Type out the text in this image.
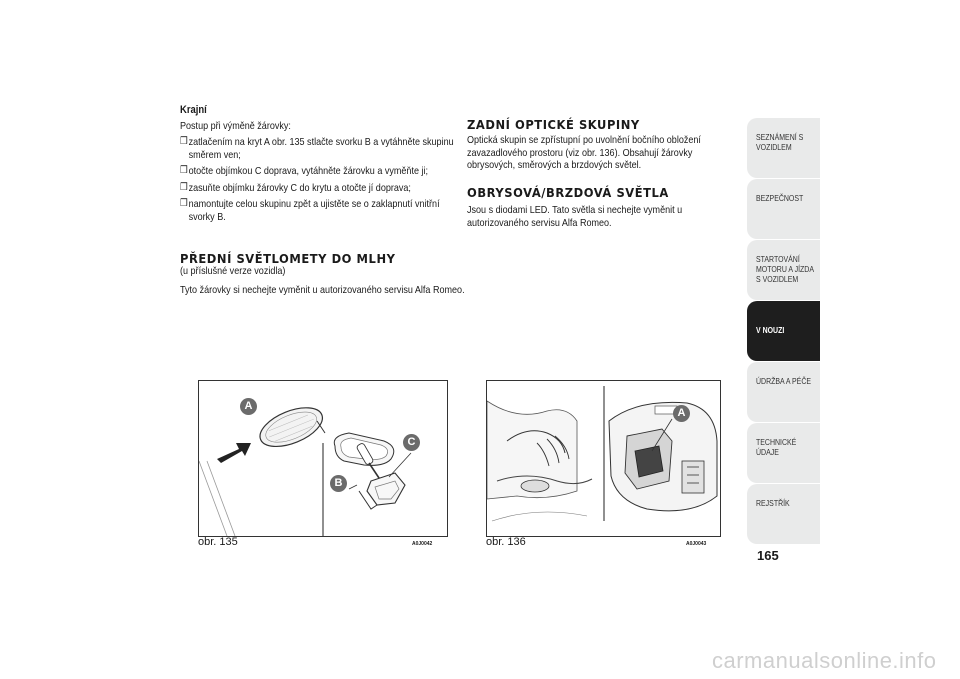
Krajní

Postup při výměně žárovky:

❒ zatlačením na kryt A obr. 135 stlačte svorku B a vytáhněte skupinu směrem ven;
❒ otočte objímkou C doprava, vytáhněte žárovku a vyměňte ji;
❒ zasuňte objímku žárovky C do krytu a otočte jí doprava;
❒ namontujte celou skupinu zpět a ujistěte se o zaklapnutí vnitřní svorky B.
PŘEDNÍ SVĚTLOMETY DO MLHY

(u příslušné verze vozidla)

Tyto žárovky si nechejte vyměnit u autorizovaného servisu Alfa Romeo.

ZADNÍ OPTICKÉ SKUPINY
Optická skupin se zpřístupní po uvolnění bočního obložení zavazadlového prostoru (viz obr. 136). Obsahují žárovky obrysových, směrových a brzdových světel.
OBRYSOVÁ/BRZDOVÁ SVĚTLA
Jsou s diodami LED. Tato světla si nechejte vyměnit u autorizovaného servisu Alfa Romeo.
A
C
B
obr. 135	A0J0042
A
obr. 136	A0J0043
SEZNÁMENÍ S VOZIDLEM
BEZPEČNOST
STARTOVÁNÍ MOTORU A JÍZDA S VOZIDLEM
V NOUZI
ÚDRŽBA A PÉČE
TECHNICKÉ ÚDAJE
REJSTŘÍK
165
carmanualsonline.info
